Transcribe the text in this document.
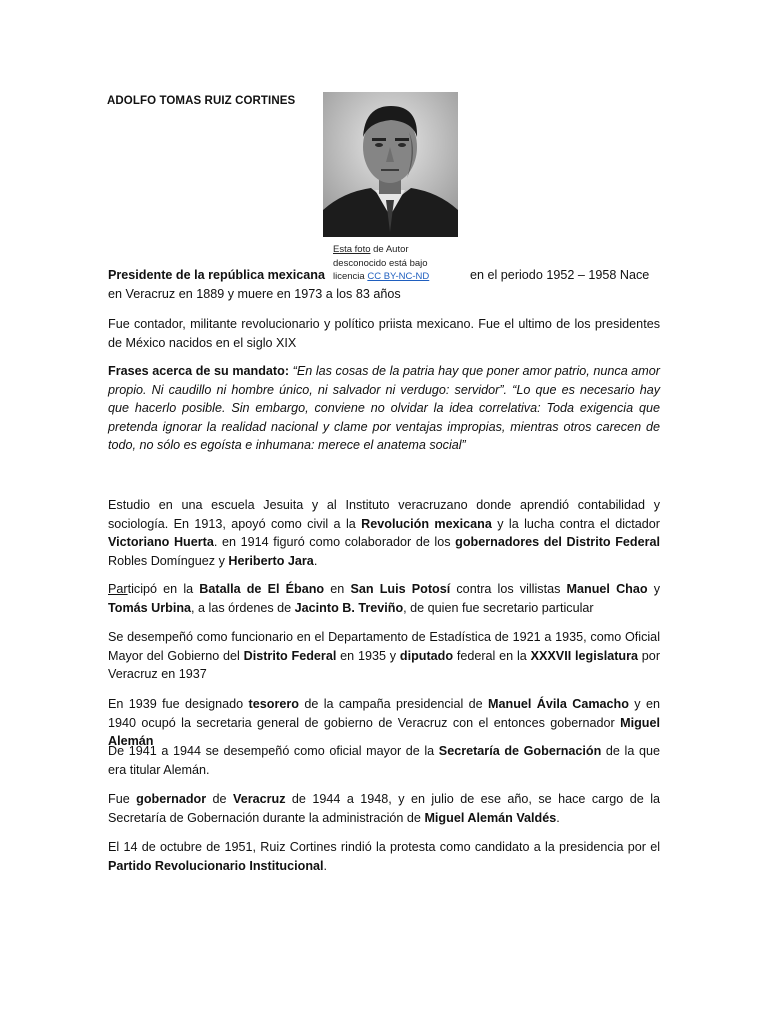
ADOLFO TOMAS RUIZ CORTINES
Esta foto de Autor desconocido está bajo licencia CC BY-NC-ND
Presidente de la república mexicana	en el periodo 1952 – 1958 Nace
en Veracruz en 1889 y muere en 1973 a los 83 años
Fue contador, militante revolucionario y político priista mexicano. Fue el ultimo de los presidentes de México nacidos en el siglo XIX
Frases acerca de su mandato: “En las cosas de la patria hay que poner amor patrio, nunca amor propio. Ni caudillo ni hombre único, ni salvador ni verdugo: servidor”. “Lo que es necesario hay que hacerlo posible. Sin embargo, conviene no olvidar la idea correlativa: Toda exigencia que pretenda ignorar la realidad nacional y clame por ventajas impropias, mientras otros carecen de todo, no sólo es egoísta e inhumana: merece el anatema social”
Estudio en una escuela Jesuita y al Instituto veracruzano donde aprendió contabilidad y sociología. En 1913, apoyó como civil a la Revolución mexicana y la lucha contra el dictador Victoriano Huerta. en 1914 figuró como colaborador de los gobernadores del Distrito Federal Robles Domínguez y Heriberto Jara.
Participó en la Batalla de El Ébano en San Luis Potosí contra los villistas Manuel Chao y Tomás Urbina, a las órdenes de Jacinto B. Treviño, de quien fue secretario particular
Se desempeñó como funcionario en el Departamento de Estadística de 1921 a 1935, como Oficial Mayor del Gobierno del Distrito Federal en 1935 y diputado federal en la XXXVII legislatura por Veracruz en 1937
En 1939 fue designado tesorero de la campaña presidencial de Manuel Ávila Camacho y en 1940 ocupó la secretaria general de gobierno de Veracruz con el entonces gobernador Miguel Alemán
De 1941 a 1944 se desempeñó como oficial mayor de la Secretaría de Gobernación de la que era titular Alemán.
Fue gobernador de Veracruz de 1944 a 1948, y en julio de ese año, se hace cargo de la Secretaría de Gobernación durante la administración de Miguel Alemán Valdés.
El 14 de octubre de 1951, Ruiz Cortines rindió la protesta como candidato a la presidencia por el Partido Revolucionario Institucional.
